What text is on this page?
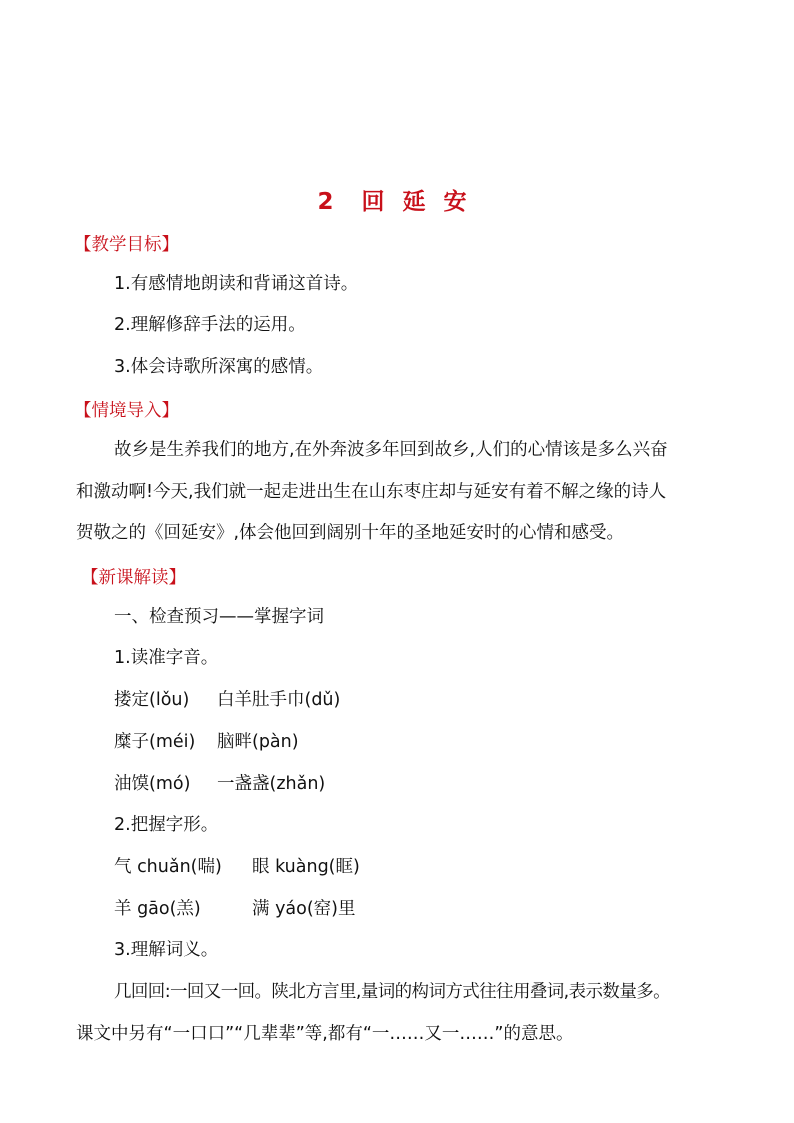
2 回 延 安
【教学目标】
1.有感情地朗读和背诵这首诗。
2.理解修辞手法的运用。
3.体会诗歌所深寓的感情。
【情境导入】
故乡是生养我们的地方,在外奔波多年回到故乡,人们的心情该是多么兴奋
和激动啊!今天,我们就一起走进出生在山东枣庄却与延安有着不解之缘的诗人
贺敬之的《回延安》,体会他回到阔别十年的圣地延安时的心情和感受。
【新课解读】
一、检查预习——掌握字词
1.读准字音。
搂定(lǒu) 白羊肚手巾(dǔ)
糜子(méi) 脑畔(pàn)
油馍(mó) 一盏盏(zhǎn)
2.把握字形。
气 chuǎn(喘) 眼 kuàng(眶)
羊 gāo(羔)	满 yáo(窑)里
3.理解词义。
几回回:一回又一回。陕北方言里,量词的构词方式往往用叠词,表示数量多。
课文中另有“一口口”“几辈辈”等,都有“一……又一……”的意思。
